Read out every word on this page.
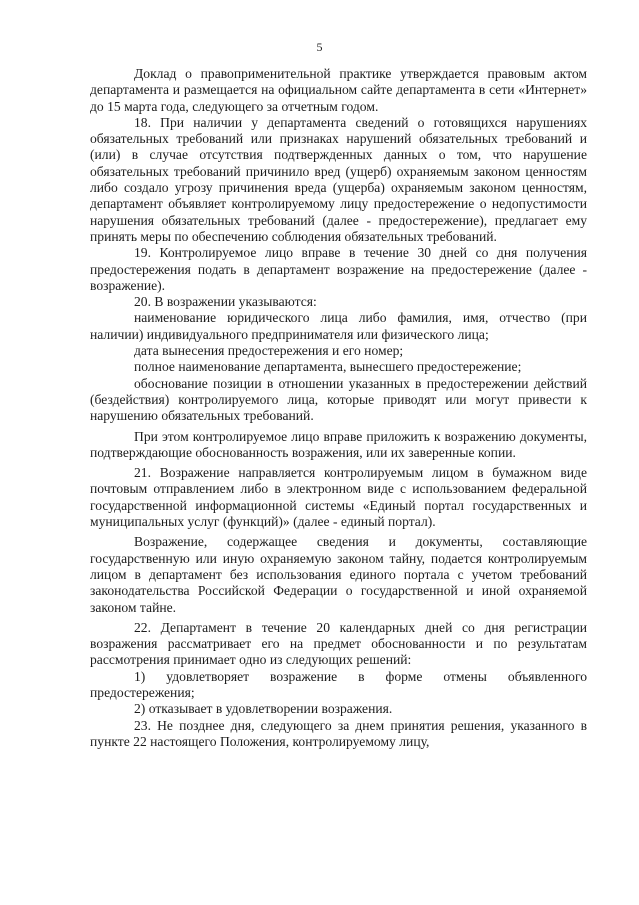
5

Доклад о правоприменительной практике утверждается правовым актом департамента и размещается на официальном сайте департамента в сети «Интернет» до 15 марта года, следующего за отчетным годом.

18. При наличии у департамента сведений о готовящихся нарушениях обязательных требований или признаках нарушений обязательных требований и (или) в случае отсутствия подтвержденных данных о том, что нарушение обязательных требований причинило вред (ущерб) охраняемым законом ценностям либо создало угрозу причинения вреда (ущерба) охраняемым законом ценностям, департамент объявляет контролируемому лицу предостережение о недопустимости нарушения обязательных требований (далее - предостережение), предлагает ему принять меры по обеспечению соблюдения обязательных требований.

19. Контролируемое лицо вправе в течение 30 дней со дня получения предостережения подать в департамент возражение на предостережение (далее - возражение).

20. В возражении указываются:

наименование юридического лица либо фамилия, имя, отчество (при наличии) индивидуального предпринимателя или физического лица;

дата вынесения предостережения и его номер;

полное наименование департамента, вынесшего предостережение;

обоснование позиции в отношении указанных в предостережении действий (бездействия) контролируемого лица, которые приводят или могут привести к нарушению обязательных требований.

При этом контролируемое лицо вправе приложить к возражению документы, подтверждающие обоснованность возражения, или их заверенные копии.

21. Возражение направляется контролируемым лицом в бумажном виде почтовым отправлением либо в электронном виде с использованием федеральной государственной информационной системы «Единый портал государственных и муниципальных услуг (функций)» (далее - единый портал).

Возражение, содержащее сведения и документы, составляющие государственную или иную охраняемую законом тайну, подается контролируемым лицом в департамент без использования единого портала с учетом требований законодательства Российской Федерации о государственной и иной охраняемой законом тайне.

22. Департамент в течение 20 календарных дней со дня регистрации возражения рассматривает его на предмет обоснованности и по результатам рассмотрения принимает одно из следующих решений:

1) удовлетворяет возражение в форме отмены объявленного предостережения;

2) отказывает в удовлетворении возражения.

23. Не позднее дня, следующего за днем принятия решения, указанного в пункте 22 настоящего Положения, контролируемому лицу,
